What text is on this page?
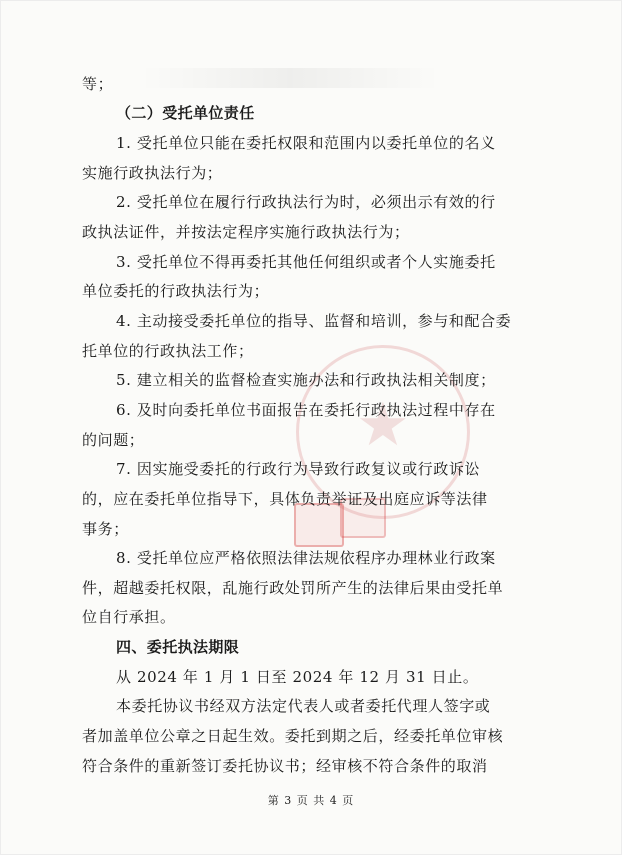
★
等；
（二）受托单位责任
1. 受托单位只能在委托权限和范围内以委托单位的名义
实施行政执法行为；
2. 受托单位在履行行政执法行为时，必须出示有效的行
政执法证件，并按法定程序实施行政执法行为；
3. 受托单位不得再委托其他任何组织或者个人实施委托
单位委托的行政执法行为；
4. 主动接受委托单位的指导、监督和培训，参与和配合委
托单位的行政执法工作；
5. 建立相关的监督检查实施办法和行政执法相关制度；
6. 及时向委托单位书面报告在委托行政执法过程中存在
的问题；
7. 因实施受委托的行政行为导致行政复议或行政诉讼
的，应在委托单位指导下，具体负责举证及出庭应诉等法律
事务；
8. 受托单位应严格依照法律法规依程序办理林业行政案
件，超越委托权限，乱施行政处罚所产生的法律后果由受托单
位自行承担。
四、委托执法期限
从 2024 年 1 月 1 日至 2024 年 12 月 31 日止。
本委托协议书经双方法定代表人或者委托代理人签字或
者加盖单位公章之日起生效。委托到期之后，经委托单位审核
符合条件的重新签订委托协议书；经审核不符合条件的取消
第 3 页 共 4 页
